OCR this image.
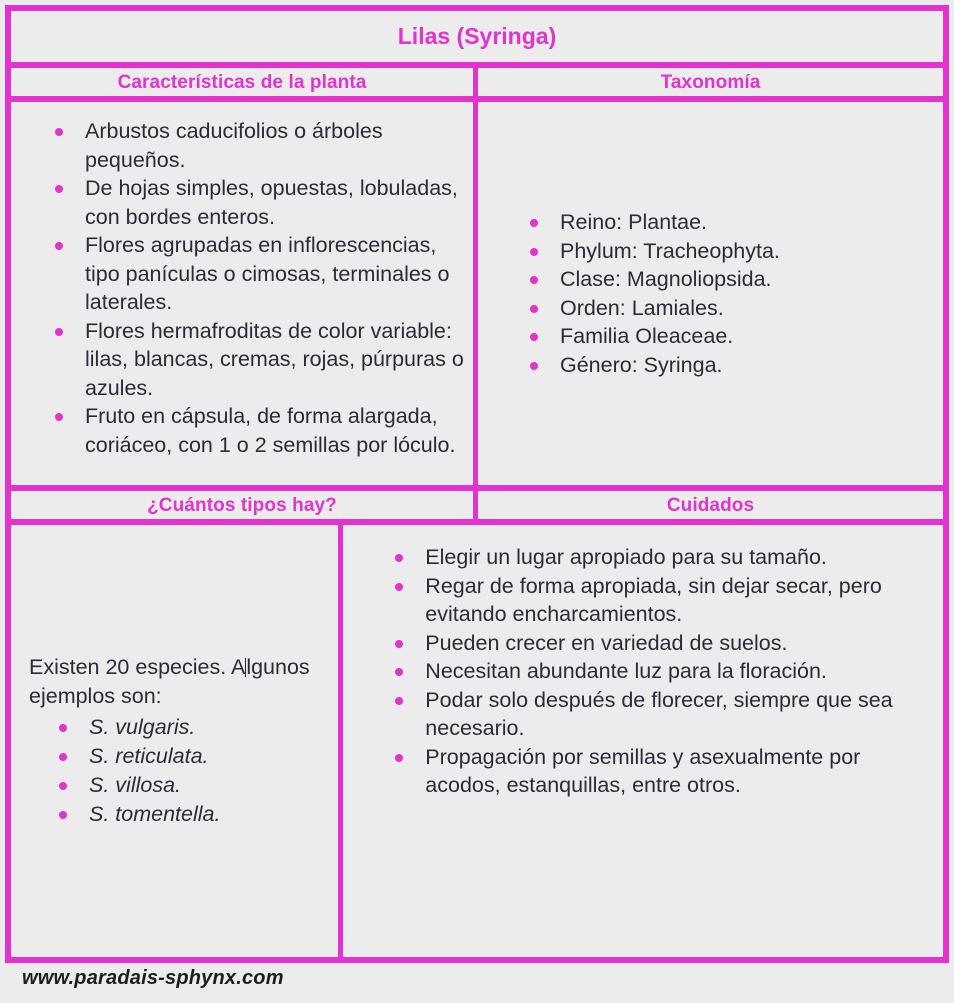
Lilas (Syringa)
Características de la planta	Taxonomía
Arbustos caducifolios o árboles pequeños.
De hojas simples, opuestas, lobuladas, con bordes enteros.
Flores agrupadas en inflorescencias, tipo panículas o cimosas, terminales o laterales.
Flores hermafroditas de color variable: lilas, blancas, cremas, rojas, púrpuras o azules.
Fruto en cápsula, de forma alargada, coriáceo, con 1 o 2 semillas por lóculo.
Reino: Plantae.
Phylum: Tracheophyta.
Clase: Magnoliopsida.
Orden: Lamiales.
Familia Oleaceae.
Género: Syringa.
¿Cuántos tipos hay?	Cuidados

Existen 20 especies. Algunos ejemplos son:

S. vulgaris.
S. reticulata.
S. villosa.
S. tomentella.
Elegir un lugar apropiado para su tamaño.
Regar de forma apropiada, sin dejar secar, pero evitando encharcamientos.
Pueden crecer en variedad de suelos.
Necesitan abundante luz para la floración.
Podar solo después de florecer, siempre que sea necesario.
Propagación por semillas y asexualmente por acodos, estanquillas, entre otros.
www.paradais-sphynx.com
